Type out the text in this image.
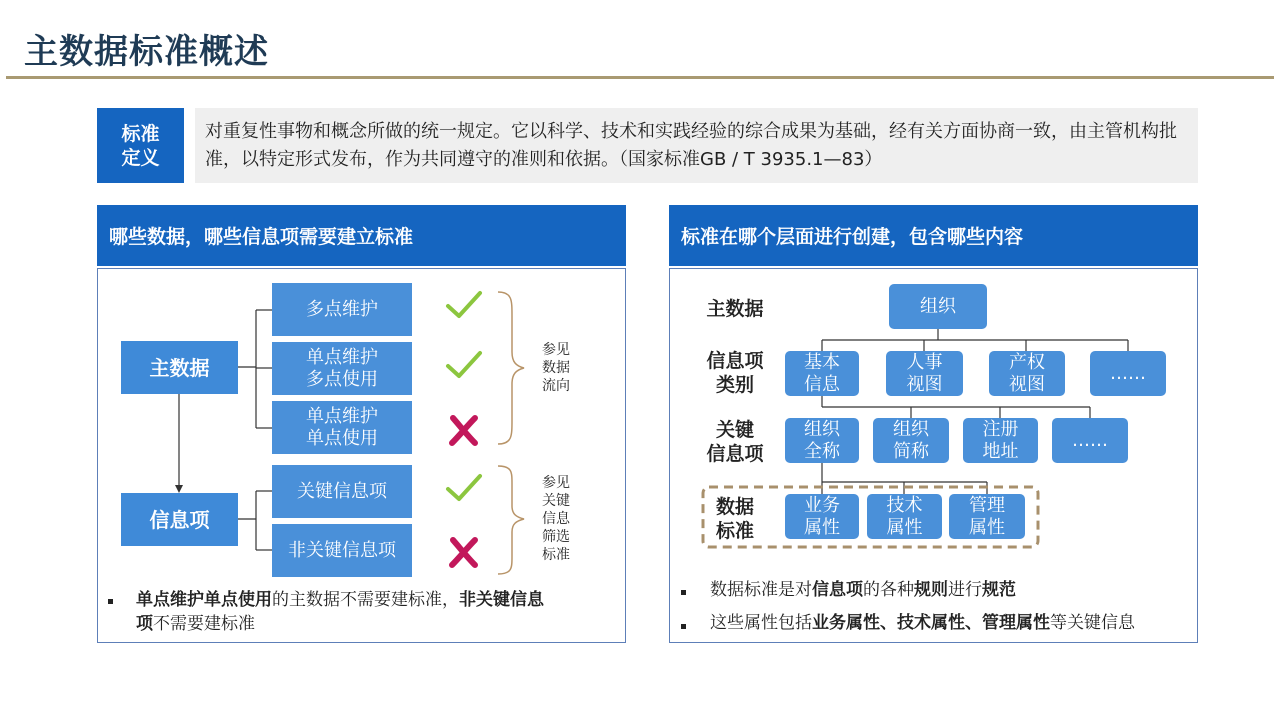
主数据标准概述
标准
定义
对重复性事物和概念所做的统一规定。它以科学、技术和实践经验的综合成果为基础，经有关方面协商一致，由主管机构批准，以特定形式发布，作为共同遵守的准则和依据。（国家标准GB / T 3935.1—83）
哪些数据，哪些信息项需要建立标准
主数据
信息项
多点维护
单点维护
多点使用
单点维护
单点使用
关键信息项
非关键信息项
参见
数据
流向
参见
关键
信息
筛选
标准
单点维护单点使用的主数据不需要建标准，非关键信息
项不需要建标准
标准在哪个层面进行创建，包含哪些内容
主数据
信息项
类别
关键
信息项
数据
标准
组织
基本
信息
人事
视图
产权
视图
……
组织
全称
组织
简称
注册
地址
……
业务
属性
技术
属性
管理
属性
数据标准是对信息项的各种规则进行规范
这些属性包括业务属性、技术属性、管理属性等关键信息
